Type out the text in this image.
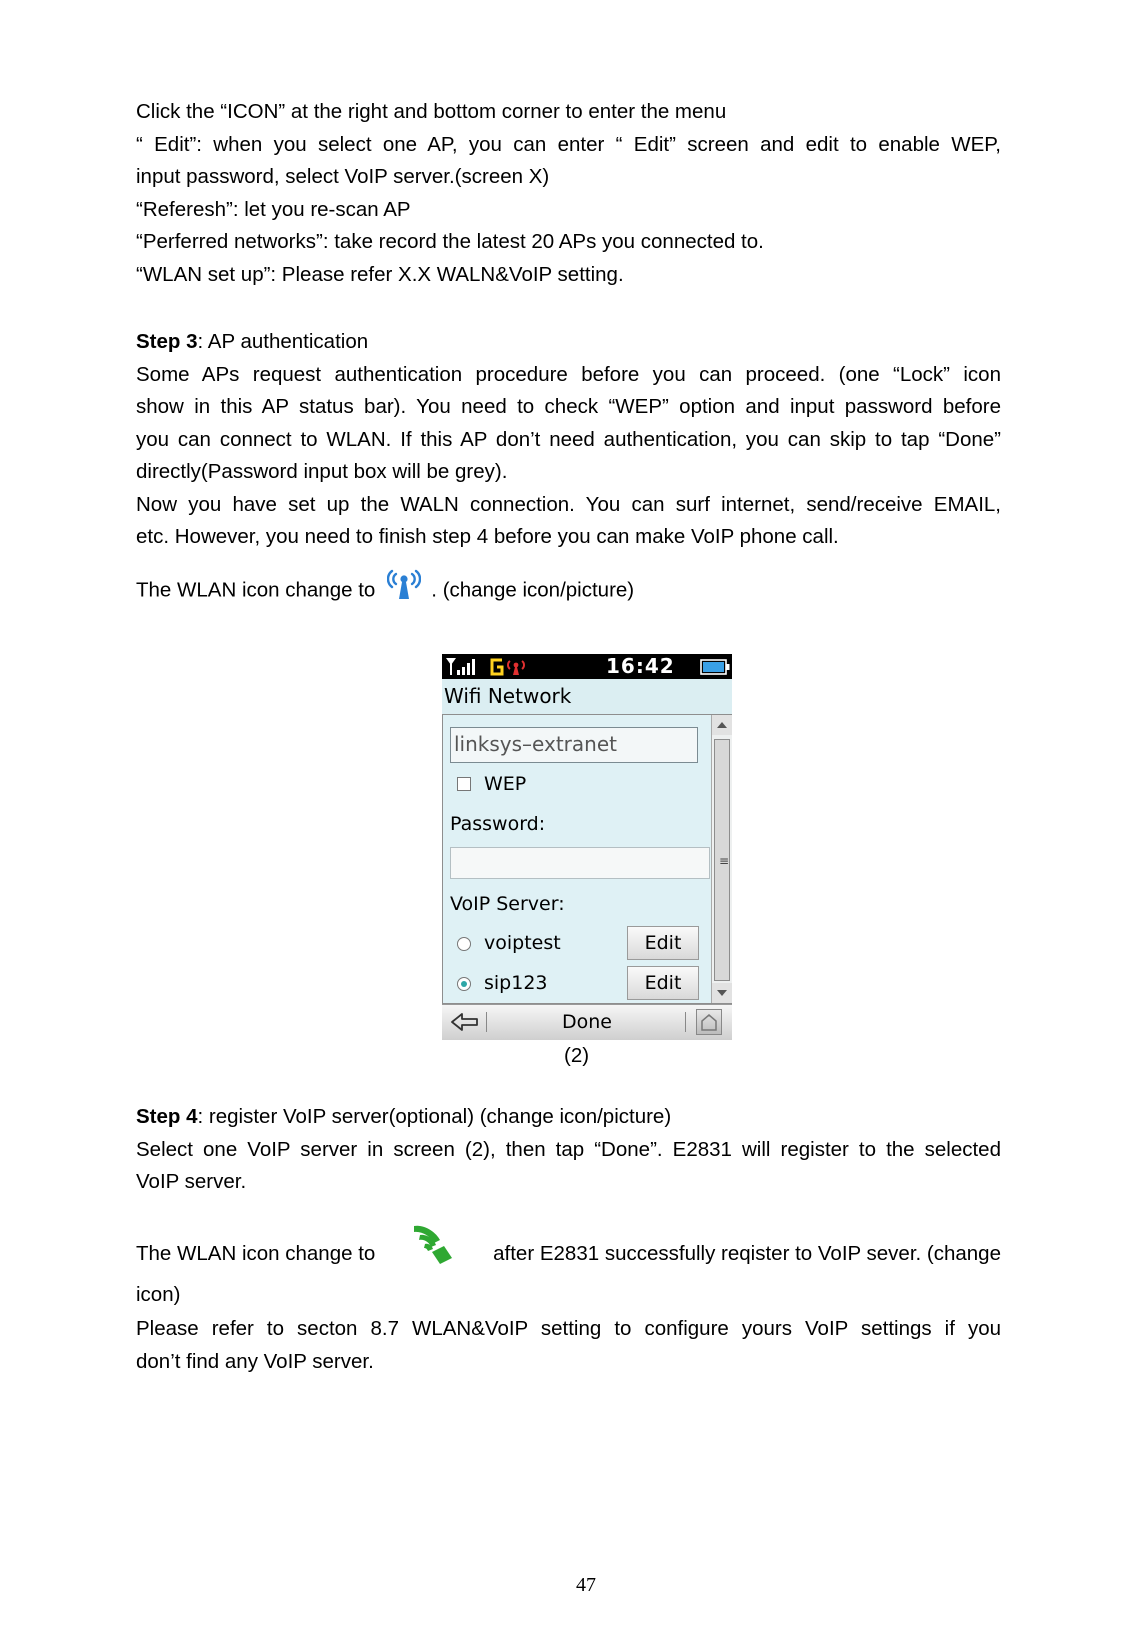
Click the “ICON” at the right and bottom corner to enter the menu
“ Edit”: when you select one AP, you can enter “ Edit” screen and edit to enable WEP,
input password, select VoIP server.(screen X)
“Referesh”: let you re-scan AP
“Perferred networks”: take record the latest 20 APs you connected to.
“WLAN set up”: Please refer X.X WALN&VoIP setting.

Step 3: AP authentication
Some APs request authentication procedure before you can proceed. (one “Lock” icon
show in this AP status bar). You need to check “WEP” option and input password before
you can connect to WLAN. If this AP don’t need authentication, you can skip to tap “Done”
directly(Password input box will be grey).
Now you have set up the WALN connection. You can surf internet, send/receive EMAIL,
etc. However, you need to finish step 4 before you can make VoIP phone call.

The WLAN icon change to	. (change icon/picture)

Step 4: register VoIP server(optional) (change icon/picture)
Select one VoIP server in screen (2), then tap “Done”. E2831 will register to the selected
VoIP server.

The WLAN icon change to	after E2831 successfully reqister to VoIP sever. (change
icon)

Please refer to secton 8.7 WLAN&VoIP setting to configure yours VoIP settings if you
don’t find any VoIP server.

16:42
Wifi Network
linksys–extranet
WEP
Password:
VoIP Server:
voiptest	Edit
sip123	Edit
≡
Done
(2)
47
